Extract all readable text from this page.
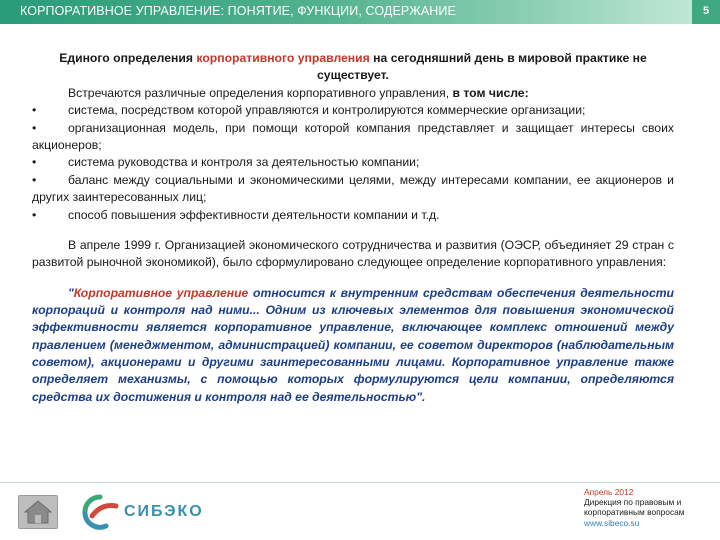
КОРПОРАТИВНОЕ УПРАВЛЕНИЕ: ПОНЯТИЕ, ФУНКЦИИ, СОДЕРЖАНИЕ	5

Единого определения корпоративного управления на сегодняшний день в мировой практике не существует.

Встречаются различные определения корпоративного управления, в том числе:

•	система, посредством которой управляются и контролируются коммерческие организации;
•	организационная модель, при помощи которой компания представляет и защищает интересы своих акционеров;
•	система руководства и контроля за деятельностью компании;
•	баланс между социальными и экономическими целями, между интересами компании, ее акционеров и других заинтересованных лиц;
•	способ повышения эффективности деятельности компании и т.д.

В апреле 1999 г. Организацией экономического сотрудничества и развития (ОЭСР, объединяет 29 стран с развитой рыночной экономикой), было сформулировано следующее определение корпоративного управления:

"Корпоративное управление относится к внутренним средствам обеспечения деятельности корпораций и контроля над ними... Одним из ключевых элементов для повышения экономической эффективности является корпоративное управление, включающее комплекс отношений между правлением (менеджментом, администрацией) компании, ее советом директоров (наблюдательным советом), акционерами и другими заинтересованными лицами. Корпоративное управление также определяет механизмы, с помощью которых формулируются цели компании, определяются средства их достижения и контроля над ее деятельностью".

СИБЭКО
Апрель 2012
Дирекция по правовым и
корпоративным вопросам
www.sibeco.su
